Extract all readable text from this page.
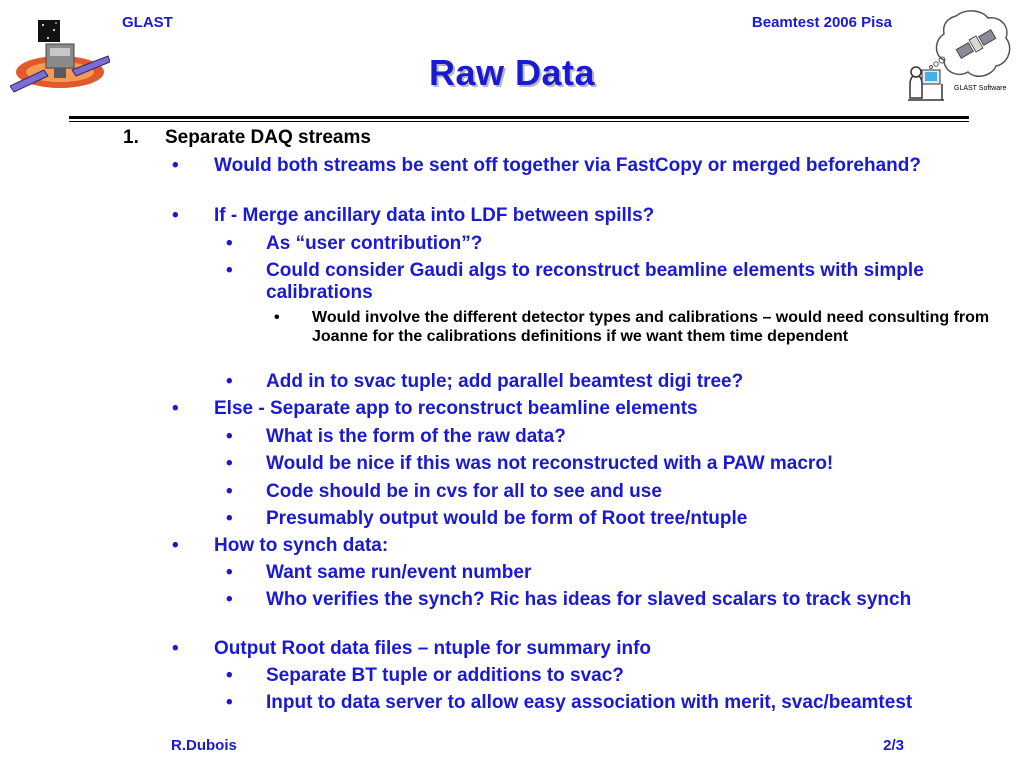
GLAST	Beamtest 2006 Pisa
GLAST Software
Raw Data
1.	Separate DAQ streams
•	Would both streams be sent off together via FastCopy or merged beforehand?
•	If - Merge ancillary data into LDF between spills?
•	As “user contribution”?
•	Could consider Gaudi algs to reconstruct beamline elements with simple calibrations
•	Would involve the different detector types and calibrations – would need consulting from Joanne for the calibrations definitions if we want them time dependent
•	Add in to svac tuple; add parallel beamtest digi tree?
•	Else - Separate app to reconstruct beamline elements
•	What is the form of the raw data?
•	Would be nice if this was not reconstructed with a PAW macro!
•	Code should be in cvs for all to see and use
•	Presumably output would be form of Root tree/ntuple
•	How to synch data:
•	Want same run/event number
•	Who verifies the synch? Ric has ideas for slaved scalars to track synch
•	Output Root data files – ntuple for summary info
•	Separate BT tuple or additions to svac?
•	Input to data server to allow easy association with merit, svac/beamtest
R.Dubois	2/3
